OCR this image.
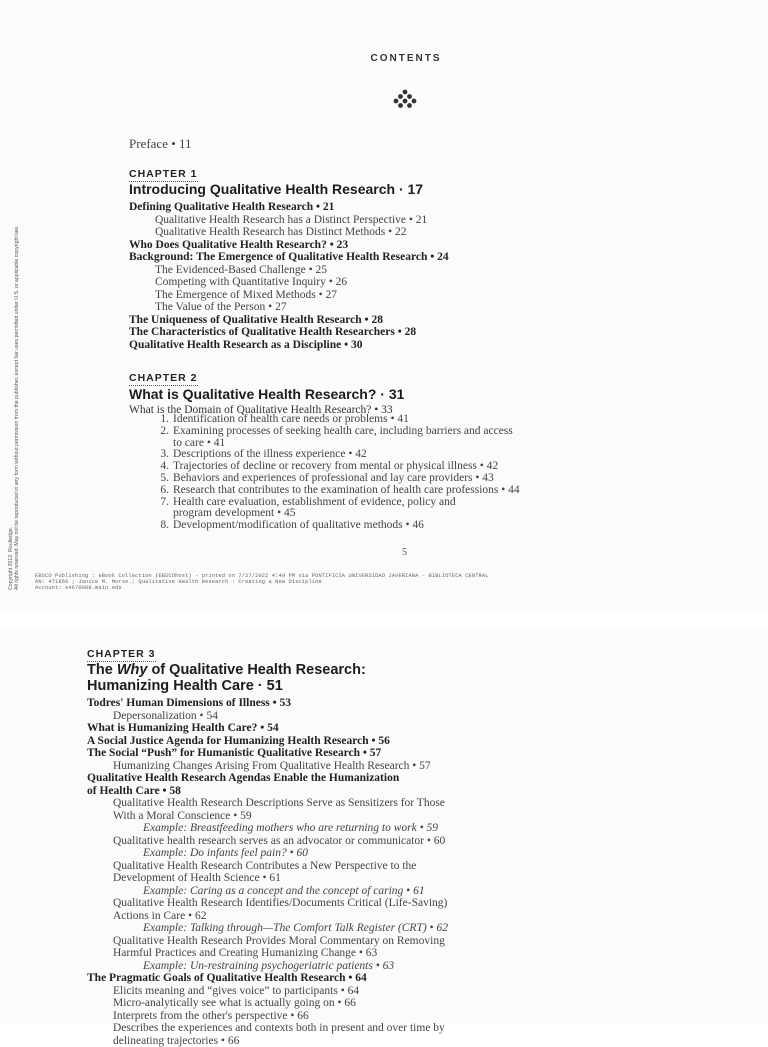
CONTENTS
Preface • 11
CHAPTER 1
Introducing Qualitative Health Research · 17
Defining Qualitative Health Research • 21
Qualitative Health Research has a Distinct Perspective • 21
Qualitative Health Research has Distinct Methods • 22
Who Does Qualitative Health Research? • 23
Background: The Emergence of Qualitative Health Research • 24
The Evidenced-Based Challenge • 25
Competing with Quantitative Inquiry • 26
The Emergence of Mixed Methods • 27
The Value of the Person • 27
The Uniqueness of Qualitative Health Research • 28
The Characteristics of Qualitative Health Researchers • 28
Qualitative Health Research as a Discipline • 30
CHAPTER 2
What is Qualitative Health Research? · 31
What is the Domain of Qualitative Health Research? • 33
1. Identification of health care needs or problems • 41
2. Examining processes of seeking health care, including barriers and access
to care • 41
3. Descriptions of the illness experience • 42
4. Trajectories of decline or recovery from mental or physical illness • 42
5. Behaviors and experiences of professional and lay care providers • 43
6. Research that contributes to the examination of health care professions • 44
7. Health care evaluation, establishment of evidence, policy and
program development • 45
8. Development/modification of qualitative methods • 46
5
EBSCO Publishing : eBook Collection (EBSCOhost) - printed on 7/27/2022 4:49 PM via PONTIFICIA UNIVERSIDAD JAVERIANA - BIBLIOTECA CENTRAL
AN: 471866 ; Janice M. Morse.; Qualitative Health Research : Creating a New Discipline
Account: s4670088.main.eds
Copyright 2012. Routledge. All rights reserved. May not be reproduced in any form without permission from the publisher, except fair uses permitted under U.S. or applicable copyright law.
CHAPTER 3
The Why of Qualitative Health Research:
Humanizing Health Care · 51
Todres' Human Dimensions of Illness • 53
Depersonalization • 54
What is Humanizing Health Care? • 54
A Social Justice Agenda for Humanizing Health Research • 56
The Social “Push” for Humanistic Qualitative Research • 57
Humanizing Changes Arising From Qualitative Health Research • 57
Qualitative Health Research Agendas Enable the Humanization
of Health Care • 58
Qualitative Health Research Descriptions Serve as Sensitizers for Those
With a Moral Conscience • 59
Example: Breastfeeding mothers who are returning to work • 59
Qualitative health research serves as an advocator or communicator • 60
Example: Do infants feel pain? • 60
Qualitative Health Research Contributes a New Perspective to the
Development of Health Science • 61
Example: Caring as a concept and the concept of caring • 61
Qualitative Health Research Identifies/Documents Critical (Life-Saving)
Actions in Care • 62
Example: Talking through—The Comfort Talk Register (CRT) • 62
Qualitative Health Research Provides Moral Commentary on Removing
Harmful Practices and Creating Humanizing Change • 63
Example: Un-restraining psychogeriatric patients • 63
The Pragmatic Goals of Qualitative Health Research • 64
Elicits meaning and “gives voice” to participants • 64
Micro-analytically see what is actually going on • 66
Interprets from the other's perspective • 66
Describes the experiences and contexts both in present and over time by
delineating trajectories • 66
